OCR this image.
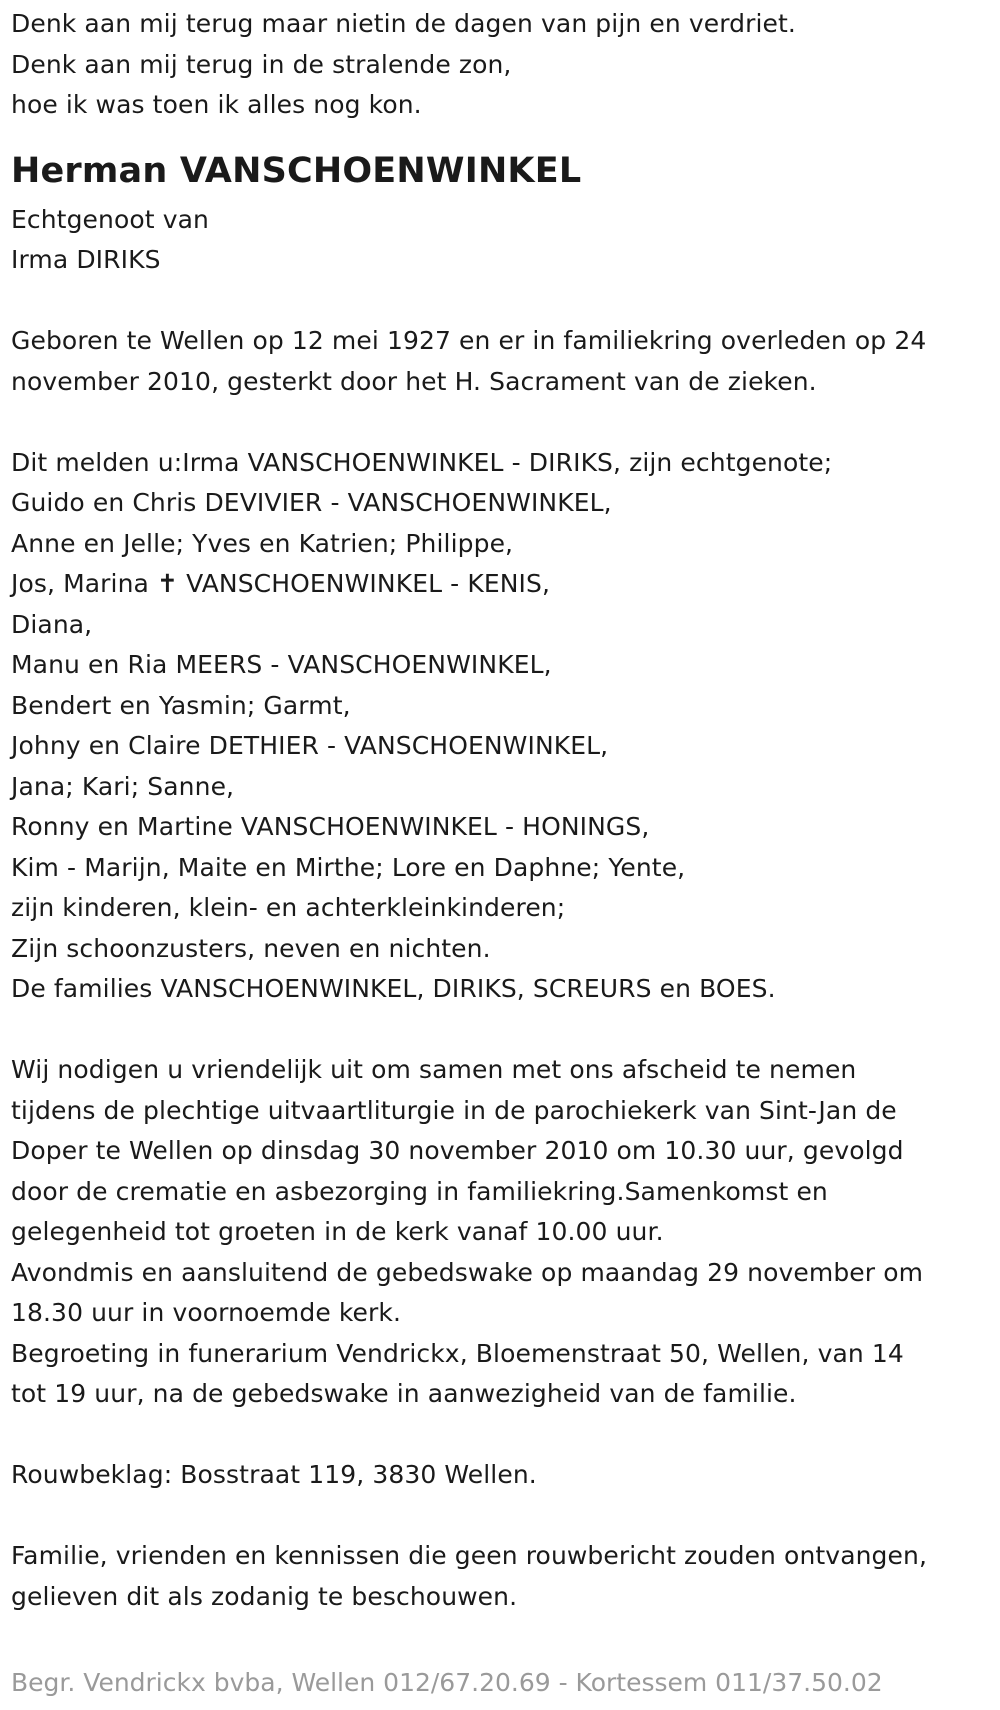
Denk aan mij terug maar nietin de dagen van pijn en verdriet.
Denk aan mij terug in de stralende zon,
hoe ik was toen ik alles nog kon.
Herman VANSCHOENWINKEL
Echtgenoot van
Irma DIRIKS
Geboren te Wellen op 12 mei 1927 en er in familiekring overleden op 24
november 2010, gesterkt door het H. Sacrament van de zieken.
Dit melden u:Irma VANSCHOENWINKEL - DIRIKS, zijn echtgenote;
Guido en Chris DEVIVIER - VANSCHOENWINKEL,
Anne en Jelle; Yves en Katrien; Philippe,
Jos, Marina ✝ VANSCHOENWINKEL - KENIS,
Diana,
Manu en Ria MEERS - VANSCHOENWINKEL,
Bendert en Yasmin; Garmt,
Johny en Claire DETHIER - VANSCHOENWINKEL,
Jana; Kari; Sanne,
Ronny en Martine VANSCHOENWINKEL - HONINGS,
Kim - Marijn, Maite en Mirthe; Lore en Daphne; Yente,
zijn kinderen, klein- en achterkleinkinderen;
Zijn schoonzusters, neven en nichten.
De families VANSCHOENWINKEL, DIRIKS, SCREURS en BOES.
Wij nodigen u vriendelijk uit om samen met ons afscheid te nemen
tijdens de plechtige uitvaartliturgie in de parochiekerk van Sint-Jan de
Doper te Wellen op dinsdag 30 november 2010 om 10.30 uur, gevolgd
door de crematie en asbezorging in familiekring.Samenkomst en
gelegenheid tot groeten in de kerk vanaf 10.00 uur.
Avondmis en aansluitend de gebedswake op maandag 29 november om
18.30 uur in voornoemde kerk.
Begroeting in funerarium Vendrickx, Bloemenstraat 50, Wellen, van 14
tot 19 uur, na de gebedswake in aanwezigheid van de familie.
Rouwbeklag: Bosstraat 119, 3830 Wellen.
Familie, vrienden en kennissen die geen rouwbericht zouden ontvangen,
gelieven dit als zodanig te beschouwen.
Begr. Vendrickx bvba, Wellen 012/67.20.69 - Kortessem 011/37.50.02
